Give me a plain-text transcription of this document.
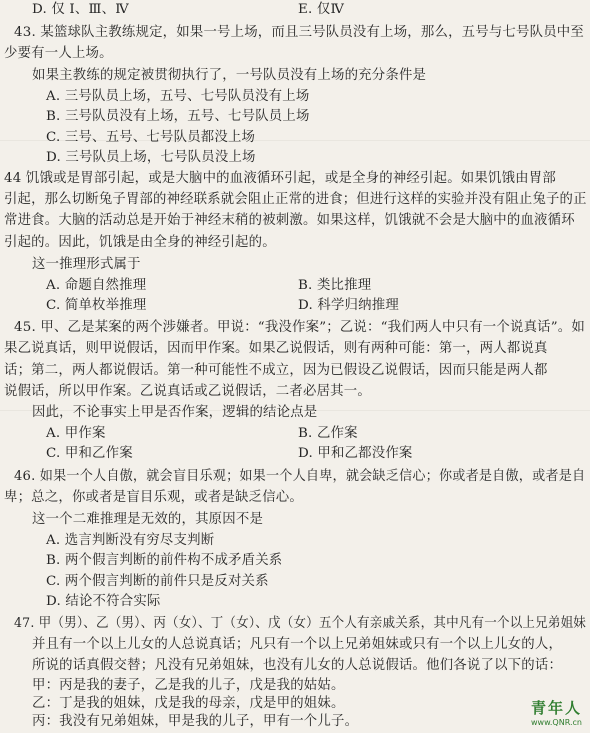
D. 仅 Ⅰ、Ⅲ、Ⅳ	E. 仅Ⅳ
43. 某篮球队主教练规定，如果一号上场，而且三号队员没有上场，那么，五号与七号队员中至
少要有一人上场。
如果主教练的规定被贯彻执行了，一号队员没有上场的充分条件是
A. 三号队员上场，五号、七号队员没有上场
B. 三号队员没有上场，五号、七号队员上场
C. 三号、五号、七号队员都没上场
D. 三号队员上场，七号队员没上场
44 饥饿或是胃部引起，或是大脑中的血液循环引起，或是全身的神经引起。如果饥饿由胃部
引起，那么切断兔子胃部的神经联系就会阻止正常的进食；但进行这样的实验并没有阻止兔子的正
常进食。大脑的活动总是开始于神经末稍的被刺激。如果这样，饥饿就不会是大脑中的血液循环
引起的。因此，饥饿是由全身的神经引起的。
这一推理形式属于
A. 命题自然推理	B. 类比推理
C. 简单枚举推理	D. 科学归纳推理
45. 甲、乙是某案的两个涉嫌者。甲说：“我没作案”；乙说：“我们两人中只有一个说真话”。如
果乙说真话，则甲说假话，因而甲作案。如果乙说假话，则有两种可能：第一，两人都说真
话；第二，两人都说假话。第一种可能性不成立，因为已假设乙说假话，因而只能是两人都
说假话，所以甲作案。乙说真话或乙说假话，二者必居其一。
因此，不论事实上甲是否作案，逻辑的结论点是
A. 甲作案	B. 乙作案
C. 甲和乙作案	D. 甲和乙都没作案
46. 如果一个人自傲，就会盲目乐观；如果一个人自卑，就会缺乏信心；你或者是自傲，或者是自
卑；总之，你或者是盲目乐观，或者是缺乏信心。
这一个二难推理是无效的，其原因不是
A. 选言判断没有穷尽支判断
B. 两个假言判断的前件构不成矛盾关系
C. 两个假言判断的前件只是反对关系
D. 结论不符合实际
47. 甲（男）、乙（男）、丙（女）、丁（女）、戊（女）五个人有亲戚关系，其中凡有一个以上兄弟姐妹
并且有一个以上儿女的人总说真话；凡只有一个以上兄弟姐妹或只有一个以上儿女的人，
所说的话真假交替；凡没有兄弟姐妹，也没有儿女的人总说假话。他们各说了以下的话：
甲：丙是我的妻子，乙是我的儿子，戊是我的姑姑。
乙：丁是我的姐妹，戊是我的母亲，戊是甲的姐妹。
丙：我没有兄弟姐妹，甲是我的儿子，甲有一个儿子。
青年人
www.QNR.cn
